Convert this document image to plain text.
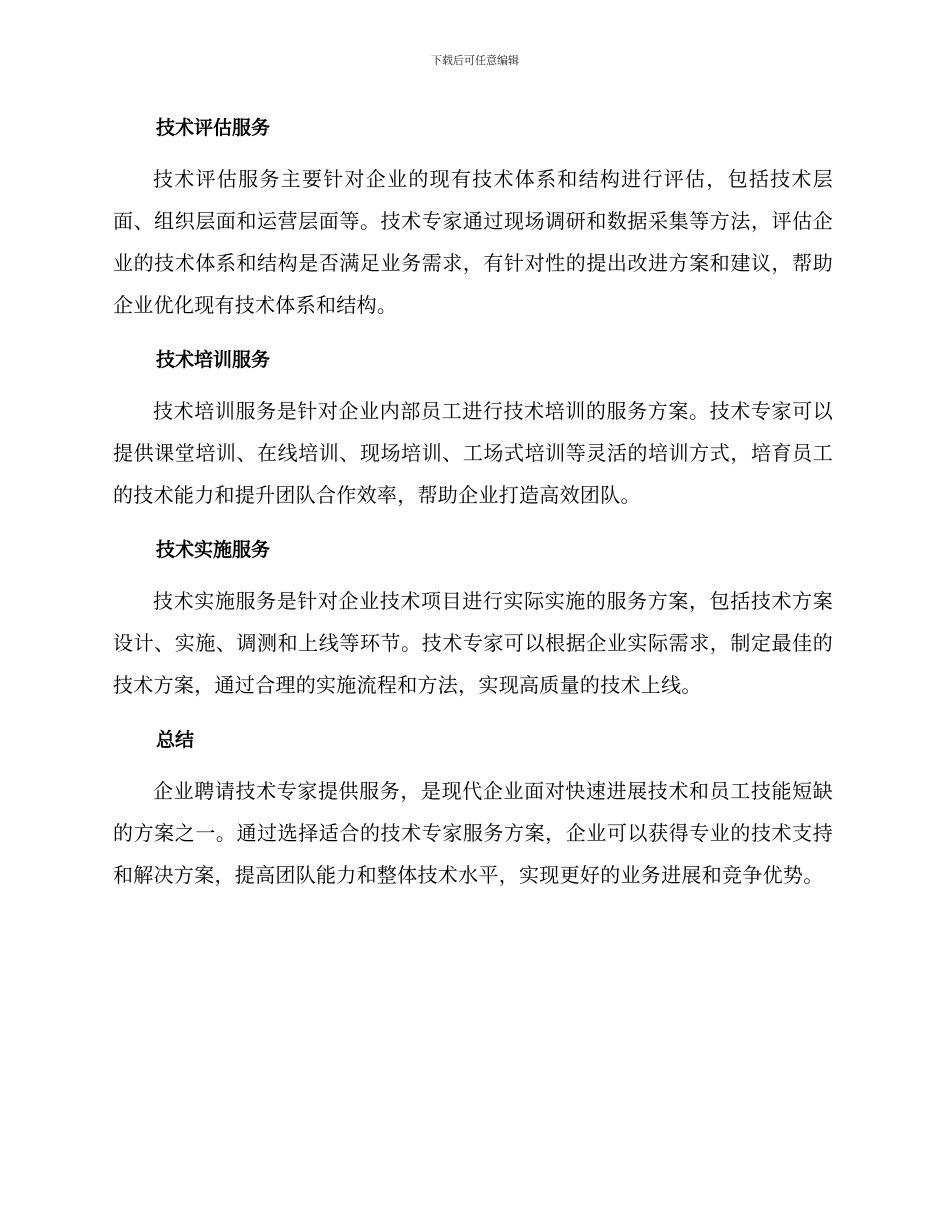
下载后可任意编辑
技术评估服务

技术评估服务主要针对企业的现有技术体系和结构进行评估，包括技术层面、组织层面和运营层面等。技术专家通过现场调研和数据采集等方法，评估企业的技术体系和结构是否满足业务需求，有针对性的提出改进方案和建议，帮助企业优化现有技术体系和结构。

技术培训服务

技术培训服务是针对企业内部员工进行技术培训的服务方案。技术专家可以提供课堂培训、在线培训、现场培训、工场式培训等灵活的培训方式，培育员工的技术能力和提升团队合作效率，帮助企业打造高效团队。

技术实施服务

技术实施服务是针对企业技术项目进行实际实施的服务方案，包括技术方案设计、实施、调测和上线等环节。技术专家可以根据企业实际需求，制定最佳的技术方案，通过合理的实施流程和方法，实现高质量的技术上线。

总结

企业聘请技术专家提供服务，是现代企业面对快速进展技术和员工技能短缺的方案之一。通过选择适合的技术专家服务方案，企业可以获得专业的技术支持和解决方案，提高团队能力和整体技术水平，实现更好的业务进展和竞争优势。
